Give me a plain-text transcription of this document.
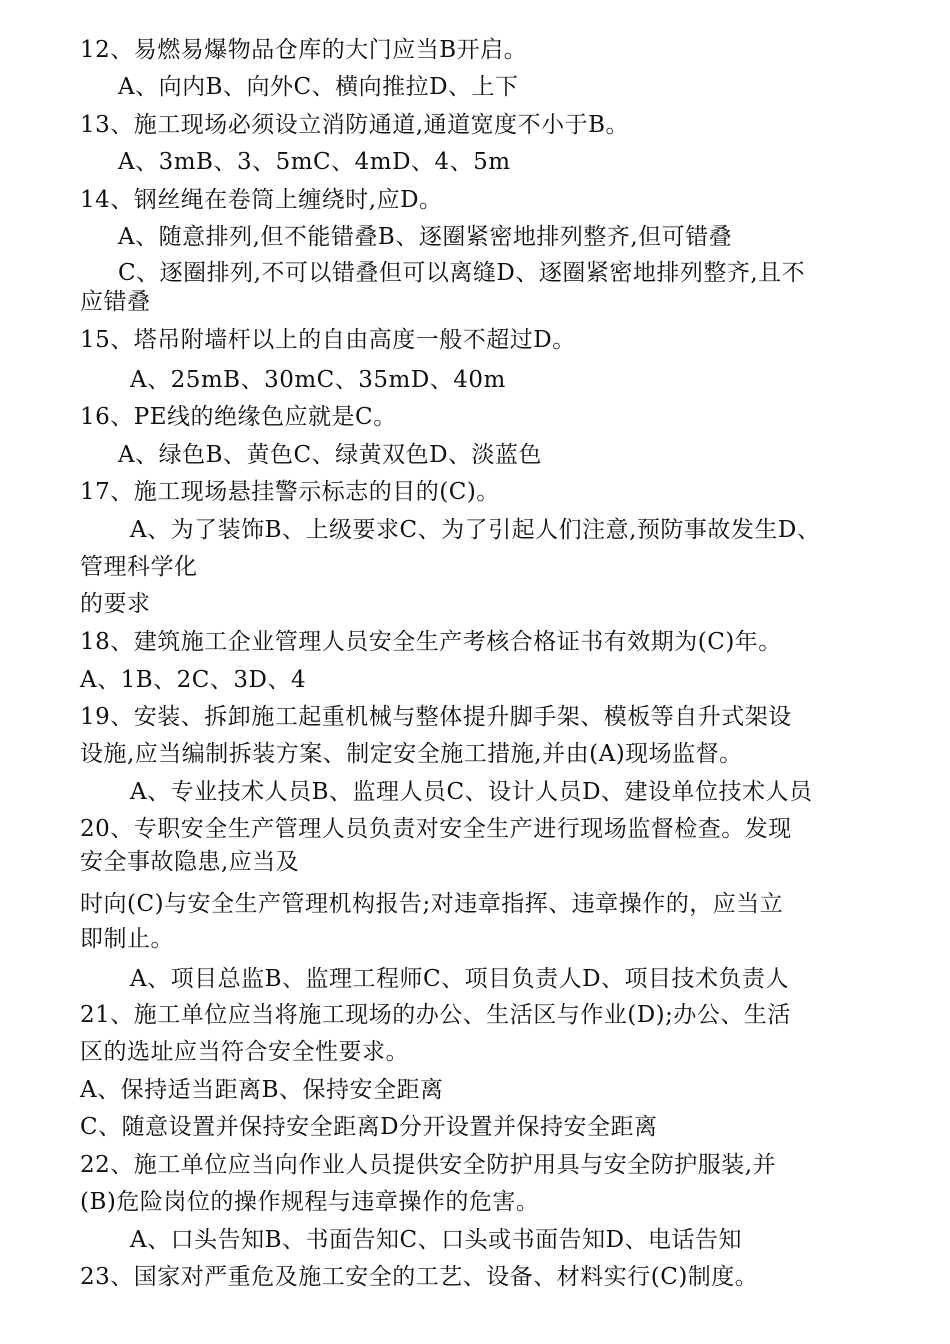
12、易燃易爆物品仓库的大门应当B开启。
A、向内B、向外C、横向推拉D、上下
13、施工现场必须设立消防通道,通道宽度不小于B。
A、3mB、3、5mC、4mD、4、5m
14、钢丝绳在卷筒上缠绕时,应D。
A、随意排列,但不能错叠B、逐圈紧密地排列整齐,但可错叠
C、逐圈排列,不可以错叠但可以离缝D、逐圈紧密地排列整齐,且不
应错叠
15、塔吊附墙杆以上的自由高度一般不超过D。
A、25mB、30mC、35mD、40m
16、PE线的绝缘色应就是C。
A、绿色B、黄色C、绿黄双色D、淡蓝色
17、施工现场悬挂警示标志的目的(C)。
A、为了装饰B、上级要求C、为了引起人们注意,预防事故发生D、
管理科学化
的要求
18、建筑施工企业管理人员安全生产考核合格证书有效期为(C)年。
A、1B、2C、3D、4
19、安装、拆卸施工起重机械与整体提升脚手架、模板等自升式架设
设施,应当编制拆装方案、制定安全施工措施,并由(A)现场监督。
A、专业技术人员B、监理人员C、设计人员D、建设单位技术人员
20、专职安全生产管理人员负责对安全生产进行现场监督检查。发现
安全事故隐患,应当及
时向(C)与安全生产管理机构报告;对违章指挥、违章操作的，应当立
即制止。
A、项目总监B、监理工程师C、项目负责人D、项目技术负责人
21、施工单位应当将施工现场的办公、生活区与作业(D);办公、生活
区的选址应当符合安全性要求。
A、保持适当距离B、保持安全距离
C、随意设置并保持安全距离D分开设置并保持安全距离
22、施工单位应当向作业人员提供安全防护用具与安全防护服装,并
(B)危险岗位的操作规程与违章操作的危害。
A、口头告知B、书面告知C、口头或书面告知D、电话告知
23、国家对严重危及施工安全的工艺、设备、材料实行(C)制度。
